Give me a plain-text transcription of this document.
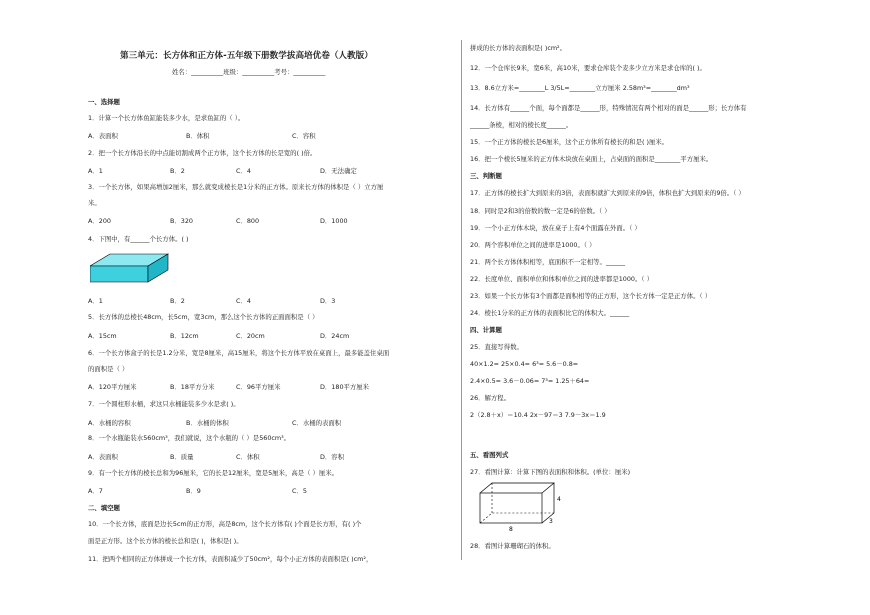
第三单元：长方体和正方体-五年级下册数学拔高培优卷（人教版）
姓名：__________班级：__________考号：__________
一、选择题
1．计算一个长方体鱼缸能装多少水，是求鱼缸的（ ）。
A．表面积	B．体积	C．容积
2．把一个长方体沿长的中点能切割成两个正方体，这个长方体的长是宽的( )倍。
A．1	B．2	C．4	D．无法确定
3．一个长方体，如果高增加2厘米，那么就变成棱长是1分米的正方体。原来长方体的体积是（ ）立方厘
米。
A．200	B．320	C．800	D．1000
4．下图中，有______个长方体。( )
A．1	B．2	C．4	D．3
5．长方体的总棱长48cm，长5cm，宽3cm，那么这个长方体的正面面积是（ ）
A．15cm	B．12cm	C．20cm	D．24cm
6．一个长方体盒子的长是1.2分米，宽是8厘米，高15厘米，将这个长方体平放在桌面上，最多能盖住桌面
的面积是（ ）
A．120平方厘米	B．18平方分米	C．96平方厘米	D．180平方厘米
7．一个圆柱形水桶，求这只水桶能装多少水是求( )。
A．水桶的容积	B．水桶的体积	C．水桶的表面积
8．一个水瓶能装水560cm³，我们就说，这个水瓶的（ ）是560cm³。
A．表面积	B．质量	C．体积	D．容积
9．有一个长方体的棱长总和为96厘米，它的长是12厘米，宽是5厘米，高是（ ）厘米。
A．7	B．9	C．5
二、填空题
10．一个长方体，底面是边长5cm的正方形，高是8cm，这个长方体有( )个面是长方形，有( )个
面是正方形。这个长方体的棱长总和是( )，体积是( )。
11．把两个相同的正方体拼成一个长方体，表面积减少了50cm²，每个小正方体的表面积是( )cm²，
拼成的长方体的表面积是( )cm²。
12．一个仓库长9米，宽6米，高10米，要求仓库装个麦多少立方米是求仓库的( )。
13．8.6立方米=________L 3/5L=________立方厘米 2.58m³=________dm³
14．长方体有______个面，每个面都是______形，特殊情况有两个相对的面是______形；长方体有
______条棱，相对的棱长度______。
15．一个正方体的棱长是6厘米，这个正方体所有棱长的和是( )厘米。
16．把一个棱长5厘米的正方体木块放在桌面上，占桌面的面积是________平方厘米。
三、判断题
17．正方体的棱长扩大到原来的3倍，表面积就扩大到原来的9倍，体积也扩大到原来的9倍。（ ）
18．同时是2和3的倍数的数一定是6的倍数。（ ）
19．一个小正方体木块，放在桌子上有4个面露在外面。（ ）
20．两个容积单位之间的进率是1000。（ ）
21．两个长方体体积相等，底面积不一定相等。______
22．长度单位、面积单位和体积单位之间的进率都是1000。（ ）
23．如果一个长方体有3个面都是面积相等的正方形，这个长方体一定是正方体。（ ）
24．棱长1分米的正方体的表面积比它的体积大。______
四、计算题
25．直接写得数。
40×1.2= 25×0.4= 6³= 5.6－0.8=
2.4×0.5= 3.6－0.06= 7³= 1.25＋64=
26．解方程。
2（2.8＋x）＝10.4 2x－97＝3 7.9－3x＝1.9
五、看图列式
27．看图计算：计算下图的表面积和体积。(单位：厘米)
4
3
8
28．看图计算珊瑚石的体积。
